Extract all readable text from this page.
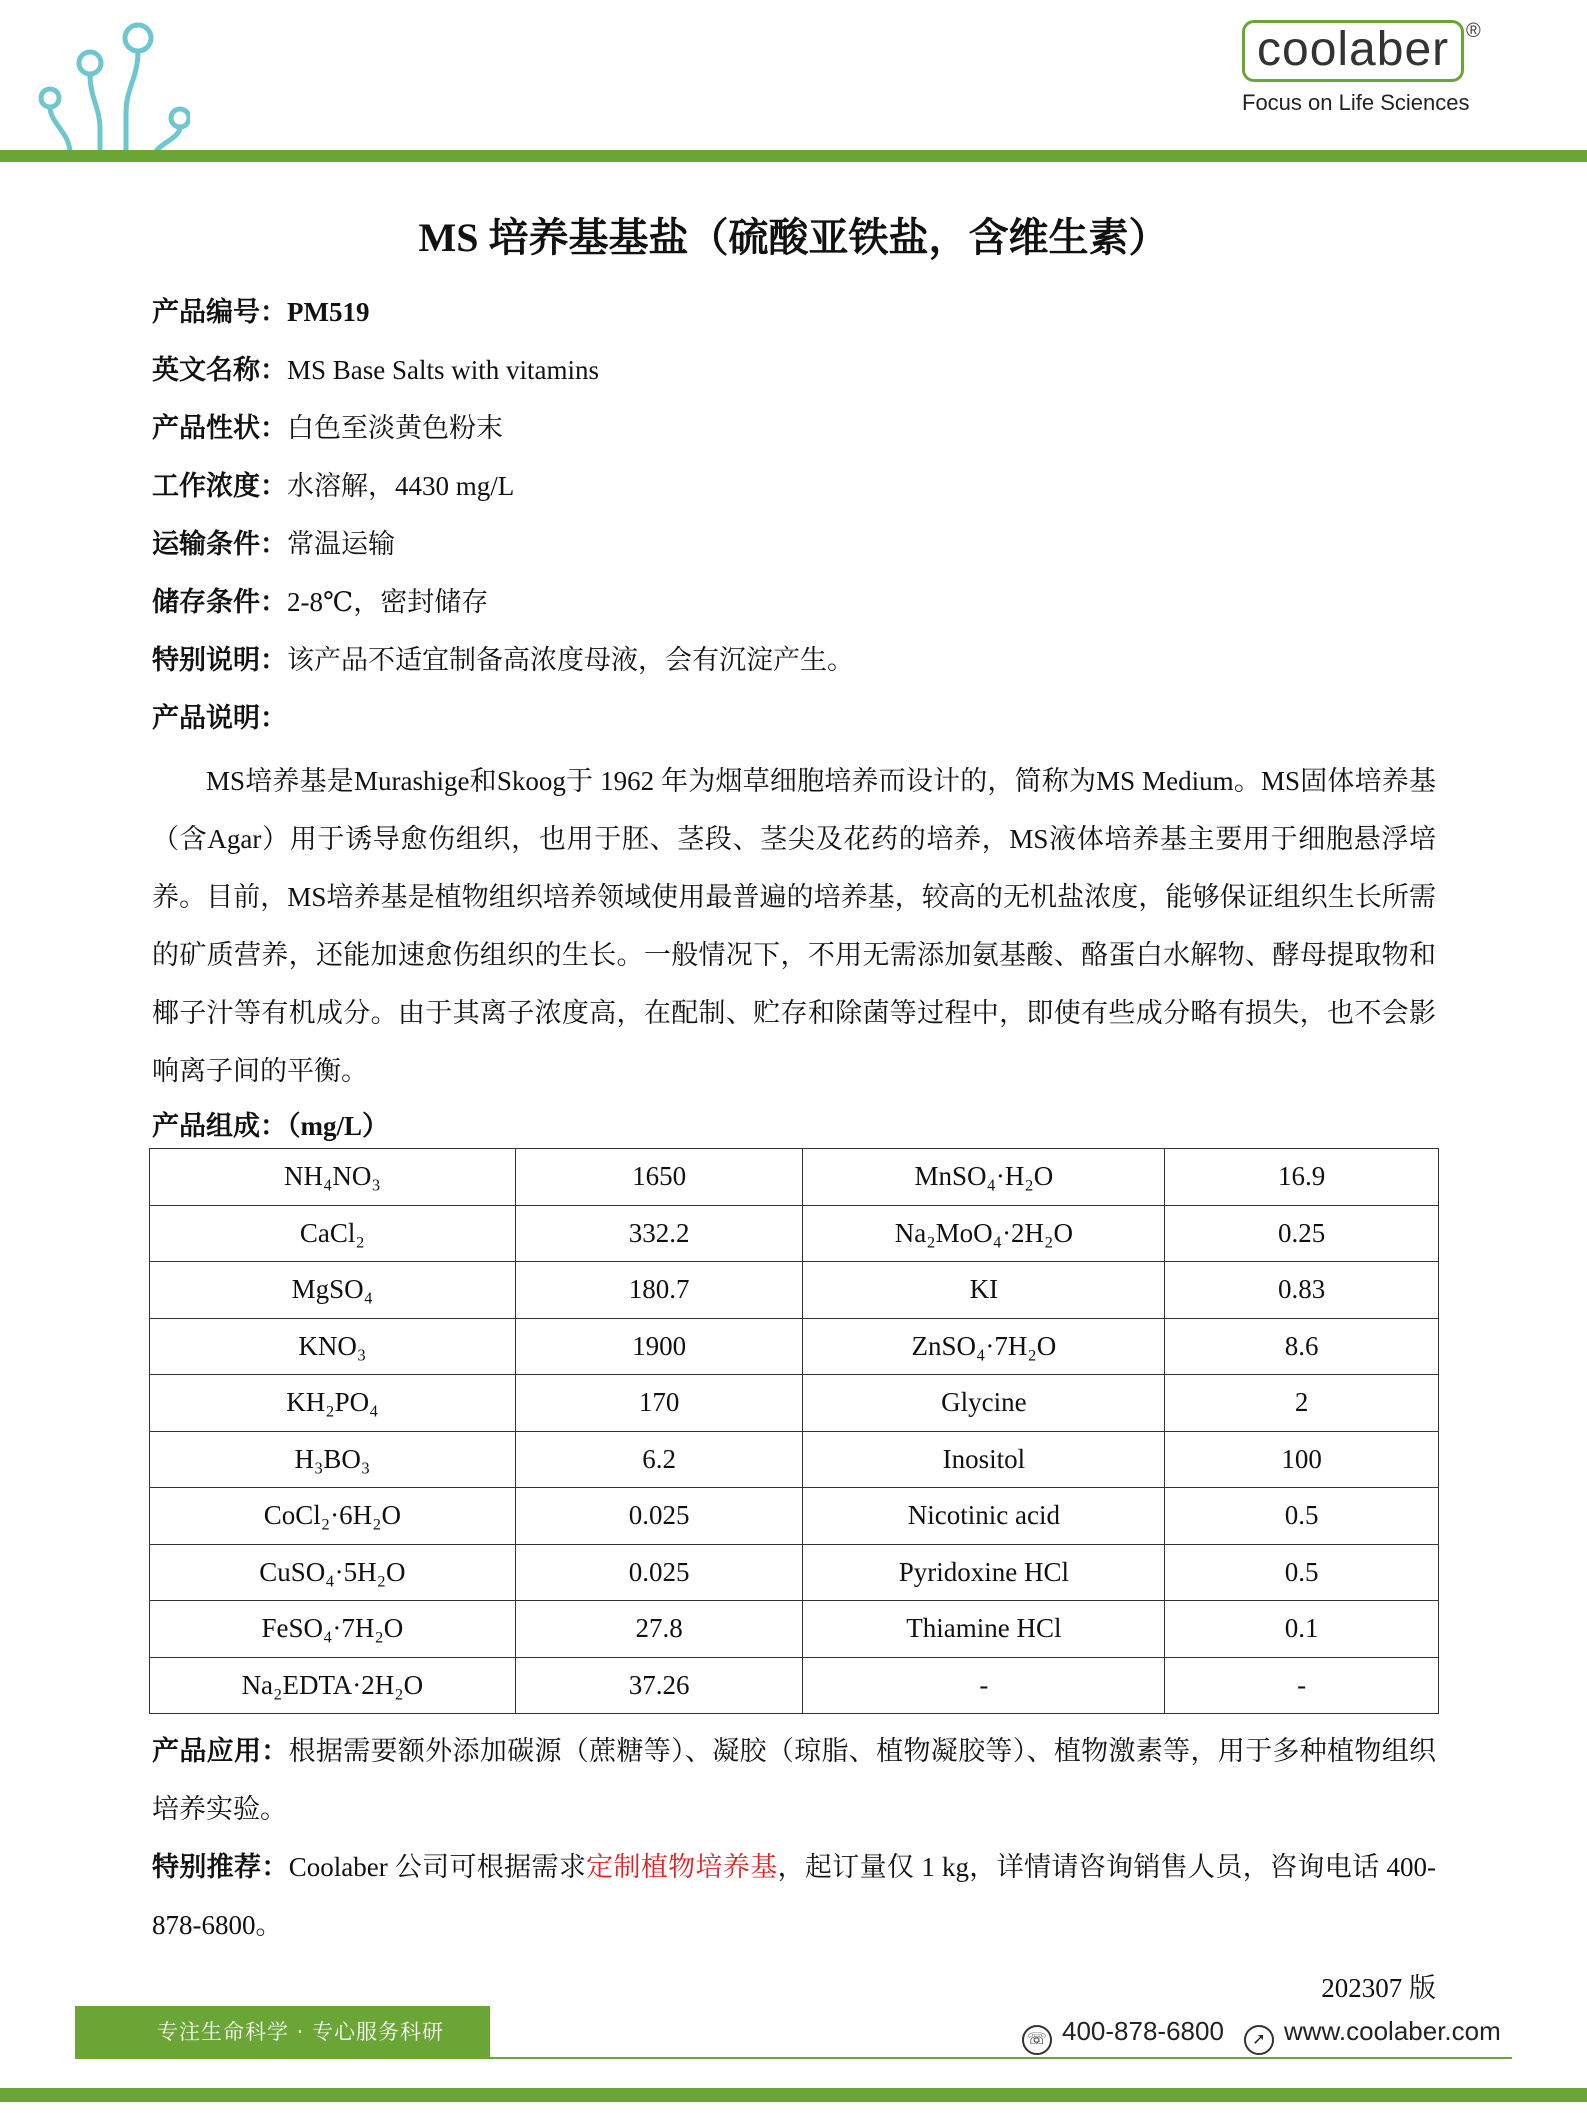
coolaber ®
Focus on Life Sciences
MS 培养基基盐（硫酸亚铁盐，含维生素）
产品编号：PM519
英文名称：MS Base Salts with vitamins
产品性状：白色至淡黄色粉末
工作浓度：水溶解，4430 mg/L
运输条件：常温运输
储存条件：2-8℃，密封储存
特别说明：该产品不适宜制备高浓度母液，会有沉淀产生。
产品说明：
MS培养基是Murashige和Skoog于 1962 年为烟草细胞培养而设计的，简称为MS Medium。MS固体培养基（含Agar）用于诱导愈伤组织，也用于胚、茎段、茎尖及花药的培养，MS液体培养基主要用于细胞悬浮培养。目前，MS培养基是植物组织培养领域使用最普遍的培养基，较高的无机盐浓度，能够保证组织生长所需的矿质营养，还能加速愈伤组织的生长。一般情况下，不用无需添加氨基酸、酪蛋白水解物、酵母提取物和椰子汁等有机成分。由于其离子浓度高，在配制、贮存和除菌等过程中，即使有些成分略有损失，也不会影响离子间的平衡。
产品组成：（mg/L）
NH₄NO₃	1650	MnSO₄·H₂O	16.9
CaCl₂	332.2	Na₂MoO₄·2H₂O	0.25
MgSO₄	180.7	KI	0.83
KNO₃	1900	ZnSO₄·7H₂O	8.6
KH₂PO₄	170	Glycine	2
H₃BO₃	6.2	Inositol	100
CoCl₂·6H₂O	0.025	Nicotinic acid	0.5
CuSO₄·5H₂O	0.025	Pyridoxine HCl	0.5
FeSO₄·7H₂O	27.8	Thiamine HCl	0.1
Na₂EDTA·2H₂O	37.26	-	-
产品应用：根据需要额外添加碳源（蔗糖等）、凝胶（琼脂、植物凝胶等）、植物激素等，用于多种植物组织培养实验。
特别推荐：Coolaber 公司可根据需求定制植物培养基，起订量仅 1 kg，详情请咨询销售人员，咨询电话 400-878-6800。
202307 版
专注生命科学 · 专心服务科研	☏ 400-878-6800	➚ www.coolaber.com
